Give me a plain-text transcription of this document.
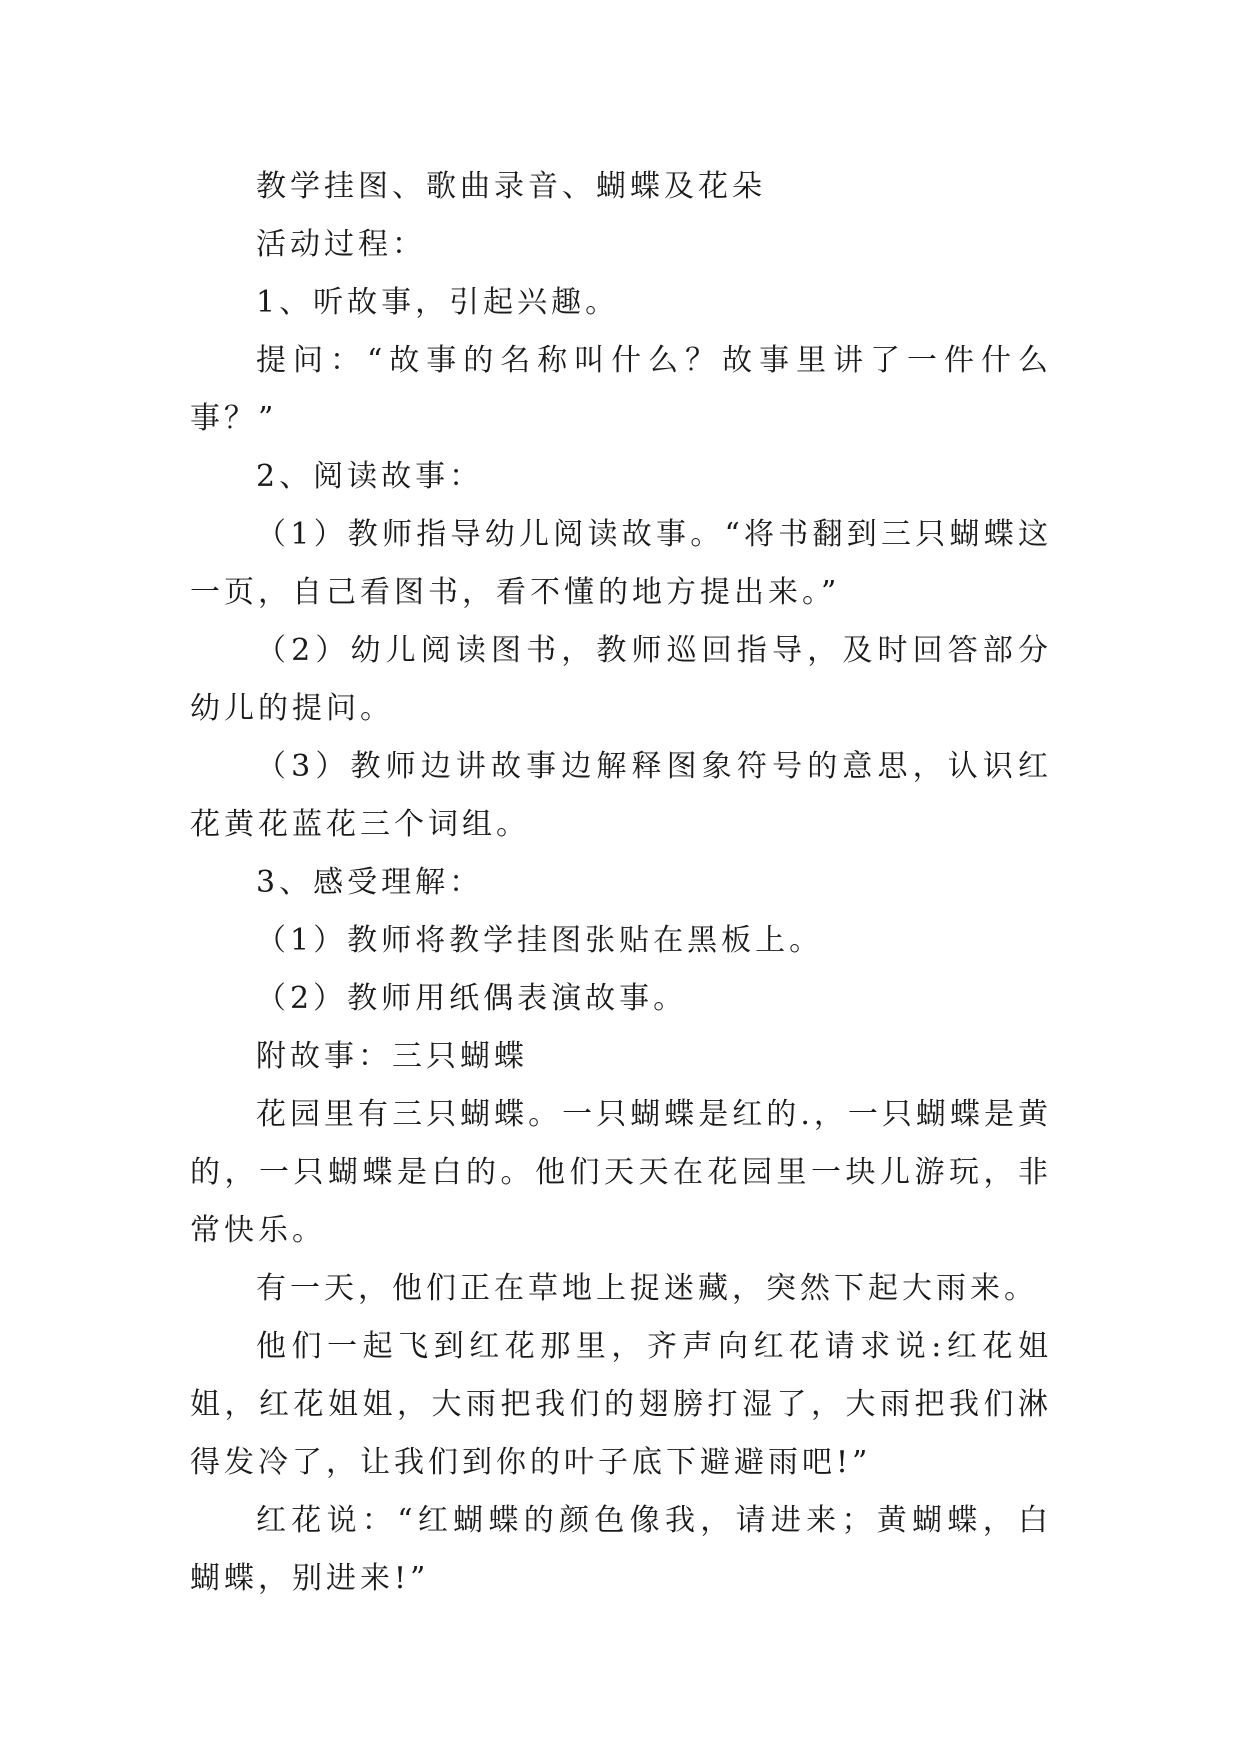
教学挂图、歌曲录音、蝴蝶及花朵

活动过程：

1、听故事，引起兴趣。

提问：“故事的名称叫什么？故事里讲了一件什么事？”

2、阅读故事：

（1）教师指导幼儿阅读故事。“将书翻到三只蝴蝶这一页，自己看图书，看不懂的地方提出来。”

（2）幼儿阅读图书，教师巡回指导，及时回答部分幼儿的提问。

（3）教师边讲故事边解释图象符号的意思，认识红花黄花蓝花三个词组。

3、感受理解：

（1）教师将教学挂图张贴在黑板上。

（2）教师用纸偶表演故事。

附故事：三只蝴蝶

花园里有三只蝴蝶。一只蝴蝶是红的.，一只蝴蝶是黄的，一只蝴蝶是白的。他们天天在花园里一块儿游玩，非常快乐。

有一天，他们正在草地上捉迷藏，突然下起大雨来。

他们一起飞到红花那里，齐声向红花请求说:红花姐姐，红花姐姐，大雨把我们的翅膀打湿了，大雨把我们淋得发冷了，让我们到你的叶子底下避避雨吧!”

红花说：“红蝴蝶的颜色像我，请进来；黄蝴蝶，白蝴蝶，别进来!”
